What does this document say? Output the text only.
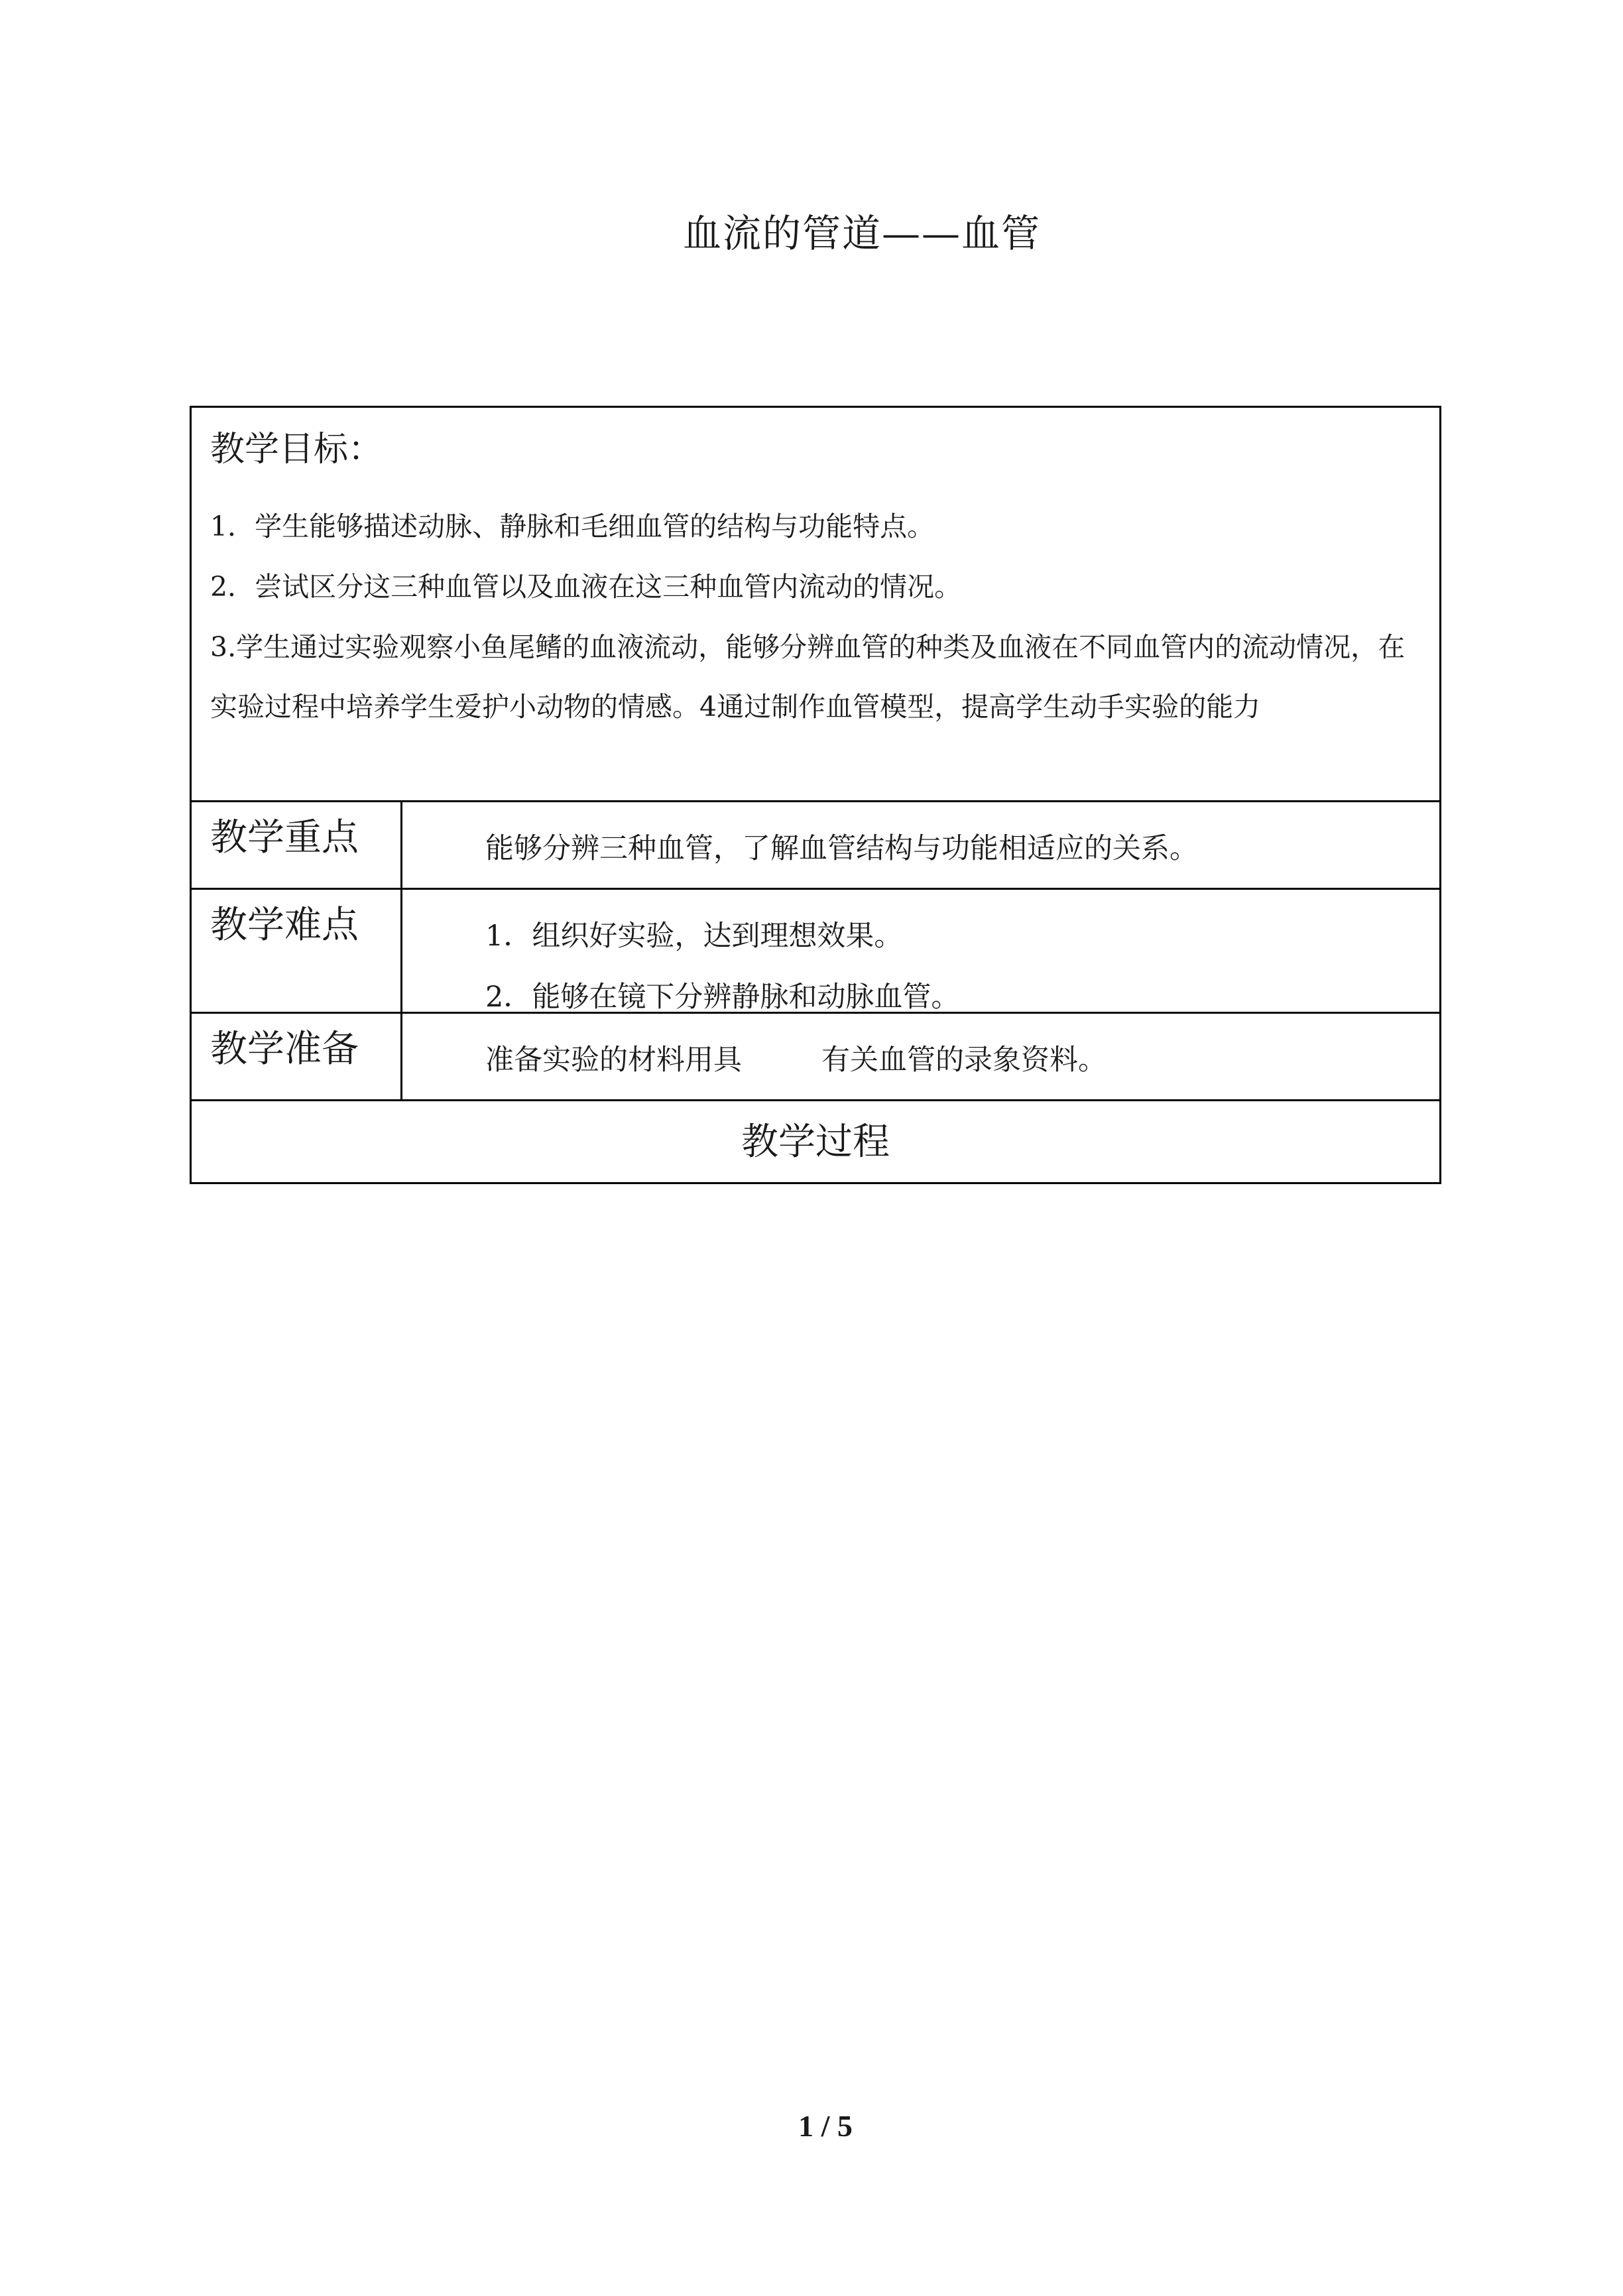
血流的管道——血管
教学目标：
1．学生能够描述动脉、静脉和毛细血管的结构与功能特点。
2．尝试区分这三种血管以及血液在这三种血管内流动的情况。
3.学生通过实验观察小鱼尾鳍的血液流动，能够分辨血管的种类及血液在不同血管内的流动情况，在实验过程中培养学生爱护小动物的情感。4通过制作血管模型，提高学生动手实验的能力
教学重点	能够分辨三种血管，了解血管结构与功能相适应的关系。
教学难点	1．组织好实验，达到理想效果。
2．能够在镜下分辨静脉和动脉血管。
教学准备	准备实验的材料用具	有关血管的录象资料。
教学过程
1 / 5
